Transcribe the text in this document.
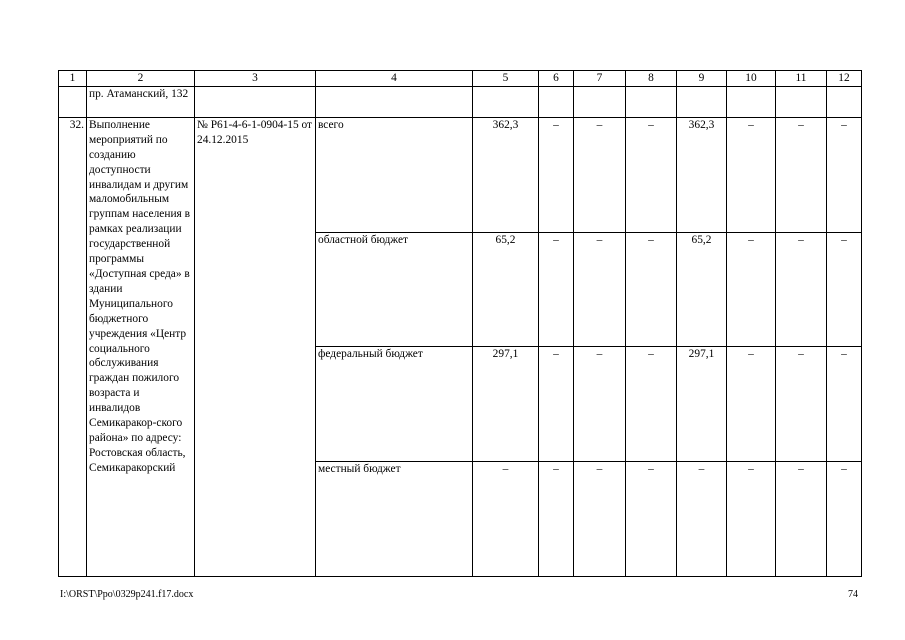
1	2	3	4	5	6	7	8	9	10	11	12
	пр. Атаманский, 132										
32.	Выполнение мероприятий по созданию доступности инвалидам и другим маломобильным группам населения в рамках реализации государственной программы «Доступная среда» в здании Муниципального бюджетного учреждения «Центр социального обслуживания граждан пожилого возраста и инвалидов Семикаракор-ского района» по адресу: Ростовская область, Семикаракорский	№ Р61-4-6-1-0904-15 от 24.12.2015	всего	362,3	–	–	–	362,3	–	–	–
			областной бюджет	65,2	–	–	–	65,2	–	–	–
			федеральный бюджет	297,1	–	–	–	297,1	–	–	–
			местный бюджет	–	–	–	–	–	–	–	–
I:\ORST\Ppo\0329p241.f17.docx	74
